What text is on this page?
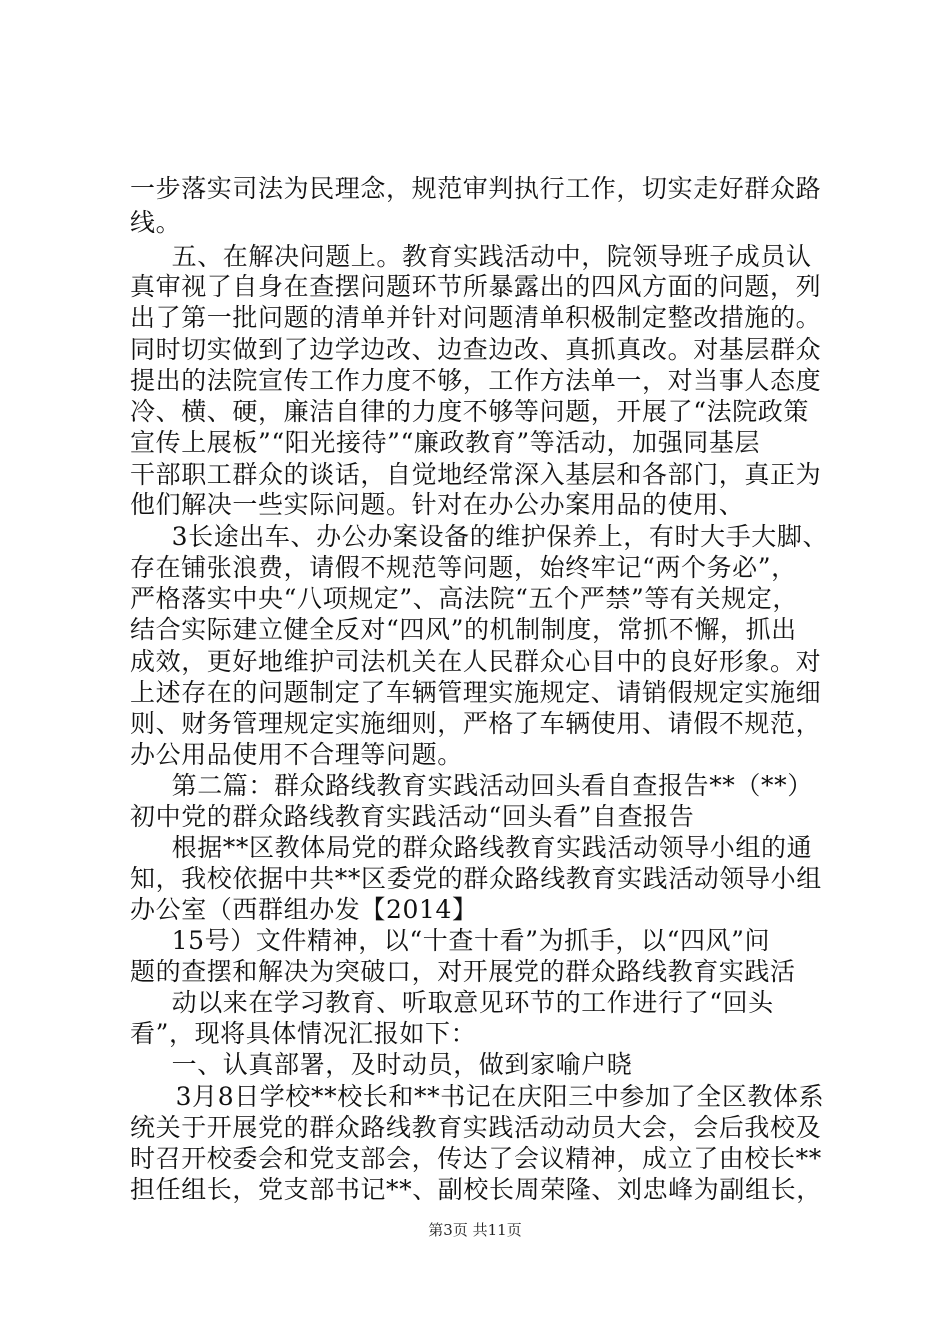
一步落实司法为民理念，规范审判执行工作，切实走好群众路
线。
　五、在解决问题上。教育实践活动中，院领导班子成员认
真审视了自身在查摆问题环节所暴露出的四风方面的问题，列
出了第一批问题的清单并针对问题清单积极制定整改措施的。
同时切实做到了边学边改、边查边改、真抓真改。对基层群众
提出的法院宣传工作力度不够，工作方法单一，对当事人态度
冷、横、硬，廉洁自律的力度不够等问题，开展了“法院政策
宣传上展板”“阳光接待”“廉政教育”等活动，加强同基层
干部职工群众的谈话，自觉地经常深入基层和各部门，真正为
他们解决一些实际问题。针对在办公办案用品的使用、
　3长途出车、办公办案设备的维护保养上，有时大手大脚、
存在铺张浪费，请假不规范等问题，始终牢记“两个务必”，
严格落实中央“八项规定”、高法院“五个严禁”等有关规定，
结合实际建立健全反对“四风”的机制制度，常抓不懈，抓出
成效，更好地维护司法机关在人民群众心目中的良好形象。对
上述存在的问题制定了车辆管理实施规定、请销假规定实施细
则、财务管理规定实施细则，严格了车辆使用、请假不规范，
办公用品使用不合理等问题。
　第二篇：群众路线教育实践活动回头看自查报告**（**）
初中党的群众路线教育实践活动“回头看”自查报告
　根据**区教体局党的群众路线教育实践活动领导小组的通
知，我校依据中共**区委党的群众路线教育实践活动领导小组
办公室（西群组办发【2014】
　15号）文件精神，以“十查十看”为抓手，以“四风”问
题的查摆和解决为突破口，对开展党的群众路线教育实践活
　动以来在学习教育、听取意见环节的工作进行了“回头
看”，现将具体情况汇报如下：
　一、认真部署，及时动员，做到家喻户晓
　3月8日学校**校长和**书记在庆阳三中参加了全区教体系
统关于开展党的群众路线教育实践活动动员大会，会后我校及
时召开校委会和党支部会，传达了会议精神，成立了由校长**
担任组长，党支部书记**、副校长周荣隆、刘忠峰为副组长，
第3页 共11页
